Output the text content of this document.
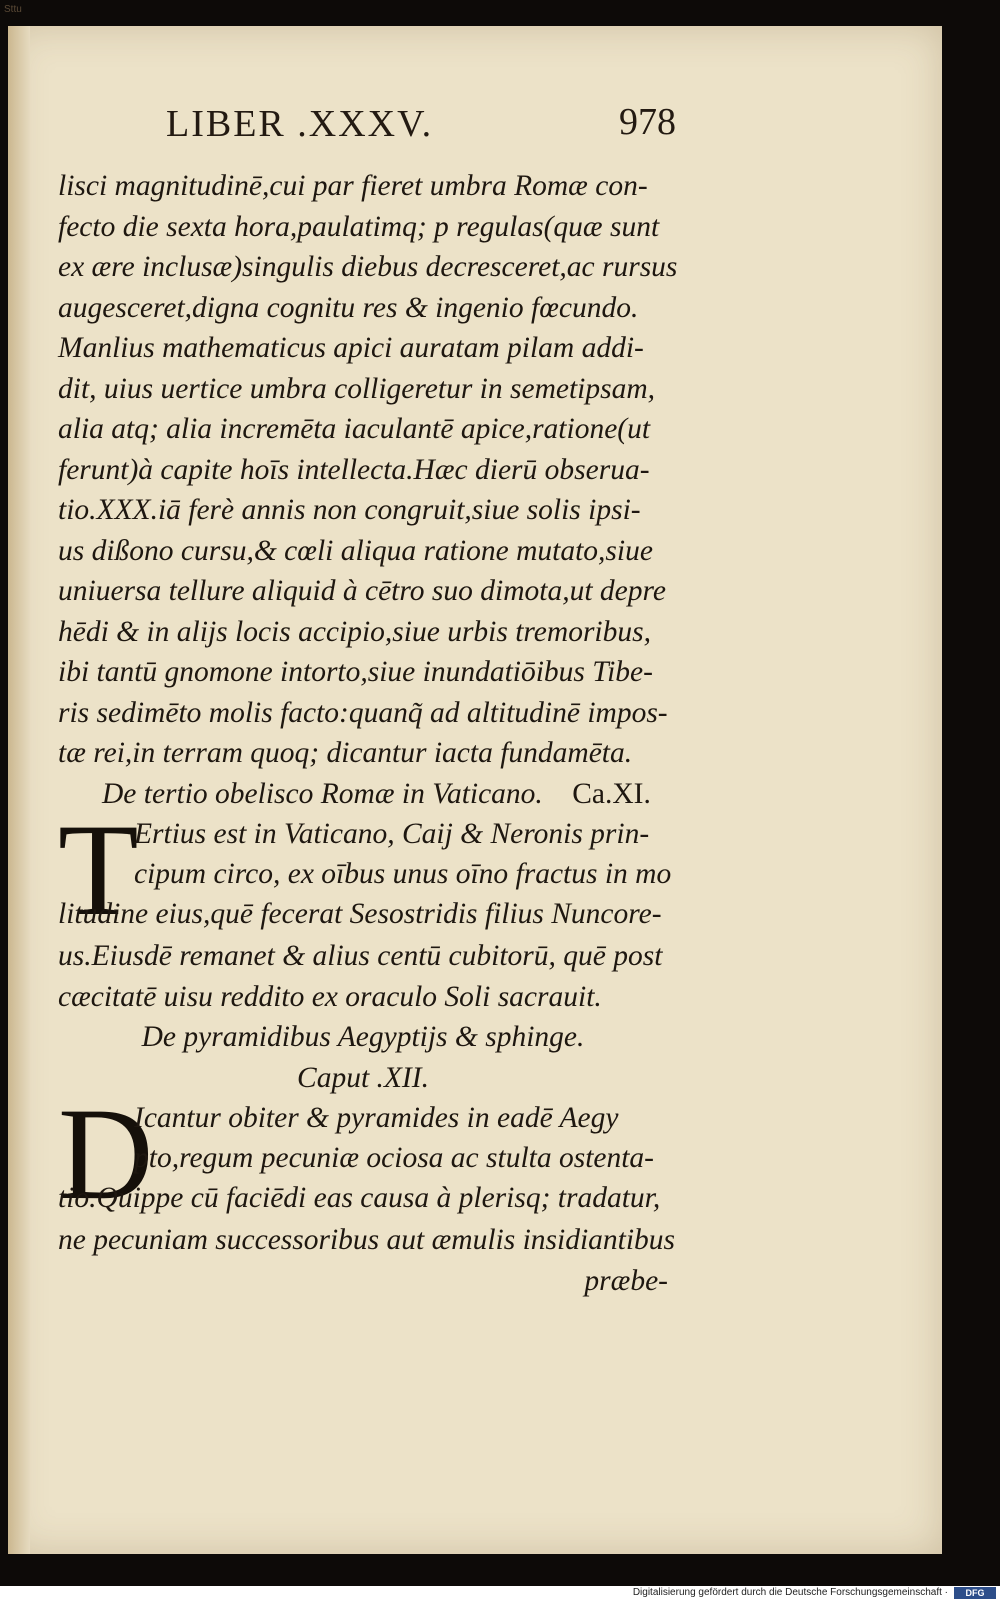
Sttu
LIBER .XXXV.	978
lisci magnitudinē,cui par fieret umbra Romæ con-
fecto die sexta hora,paulatimq; p regulas(quæ sunt
ex ære inclusæ)singulis diebus decresceret,ac rursus
augesceret,digna cognitu res & ingenio fœcundo.
Manlius mathematicus apici auratam pilam addi-
dit, uius uertice umbra colligeretur in semetipsam,
alia atq; alia incremēta iaculantē apice,ratione(ut
ferunt)à capite hoīs intellecta.Hæc dierū obserua-
tio.XXX.iā ferè annis non congruit,siue solis ipsi-
us dißono cursu,& cœli aliqua ratione mutato,siue
uniuersa tellure aliquid à cētro suo dimota,ut depre
hēdi & in alijs locis accipio,siue urbis tremoribus,
ibi tantū gnomone intorto,siue inundatiōibus Tibe-
ris sedimēto molis facto:quanq̃ ad altitudinē impos-
tæ rei,in terram quoq; dicantur iacta fundamēta.
De tertio obelisco Romæ in Vaticano. Ca.XI.
T
Ertius est in Vaticano, Caij & Neronis prin-
cipum circo, ex oībus unus oīno fractus in mo
litudine eius,quē fecerat Sesostridis filius Nuncore-
us.Eiusdē remanet & alius centū cubitorū, quē post
cæcitatē uisu reddito ex oraculo Soli sacrauit.
De pyramidibus Aegyptijs & sphinge.
Caput .XII.
D
Icantur obiter & pyramides in eadē Aegy
pto,regum pecuniæ ociosa ac stulta ostenta-
tio.Quippe cū faciēdi eas causa à plerisq; tradatur,
ne pecuniam successoribus aut æmulis insidiantibus
præbe-
Digitalisierung gefördert durch die Deutsche Forschungsgemeinschaft ·	DFG
